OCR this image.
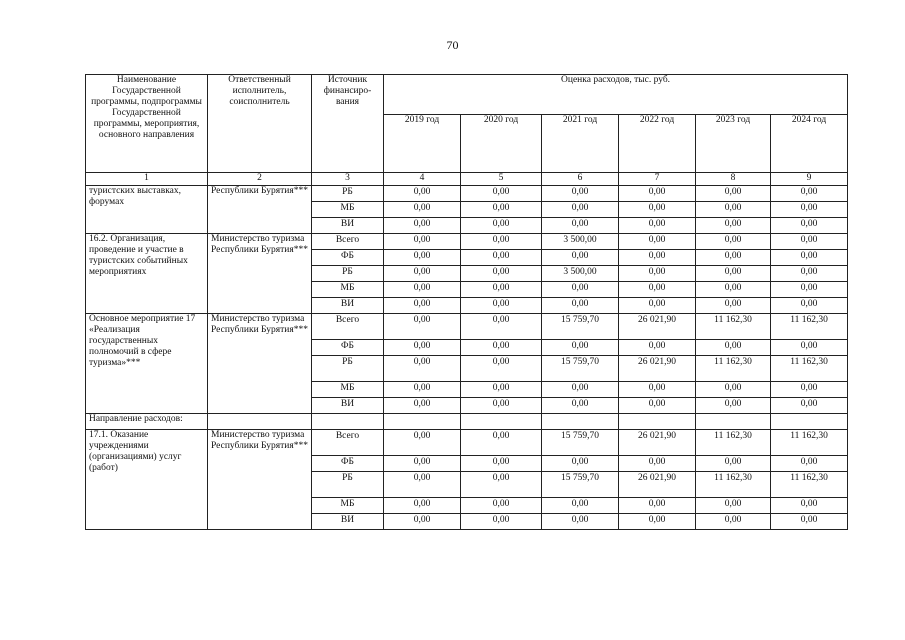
70
Наименование Государственной программы, подпрограммы Государственной программы, мероприятия, основного направления	Ответственный исполнитель, соисполнитель	Источник финансиро-вания	Оценка расходов, тыс. руб.					
			2019 год	2020 год	2021 год	2022 год	2023 год	2024 год
1	2	3	4	5	6	7	8	9
туристских выставках, форумах	Республики Бурятия***	РБ	0,00	0,00	0,00	0,00	0,00	0,00
		МБ	0,00	0,00	0,00	0,00	0,00	0,00
		ВИ	0,00	0,00	0,00	0,00	0,00	0,00
16.2. Организация, проведение и участие в туристских событийных мероприятиях	Министерство туризма Республики Бурятия***	Всего	0,00	0,00	3 500,00	0,00	0,00	0,00
		ФБ	0,00	0,00	0,00	0,00	0,00	0,00
		РБ	0,00	0,00	3 500,00	0,00	0,00	0,00
		МБ	0,00	0,00	0,00	0,00	0,00	0,00
		ВИ	0,00	0,00	0,00	0,00	0,00	0,00
Основное мероприятие 17 «Реализация государственных полномочий в сфере туризма»***	Министерство туризма Республики Бурятия***	Всего	0,00	0,00	15 759,70	26 021,90	11 162,30	11 162,30
		ФБ	0,00	0,00	0,00	0,00	0,00	0,00
		РБ	0,00	0,00	15 759,70	26 021,90	11 162,30	11 162,30
		МБ	0,00	0,00	0,00	0,00	0,00	0,00
		ВИ	0,00	0,00	0,00	0,00	0,00	0,00
Направление расходов:								
17.1. Оказание учреждениями (организациями) услуг (работ)	Министерство туризма Республики Бурятия***	Всего	0,00	0,00	15 759,70	26 021,90	11 162,30	11 162,30
		ФБ	0,00	0,00	0,00	0,00	0,00	0,00
		РБ	0,00	0,00	15 759,70	26 021,90	11 162,30	11 162,30
		МБ	0,00	0,00	0,00	0,00	0,00	0,00
		ВИ	0,00	0,00	0,00	0,00	0,00	0,00
